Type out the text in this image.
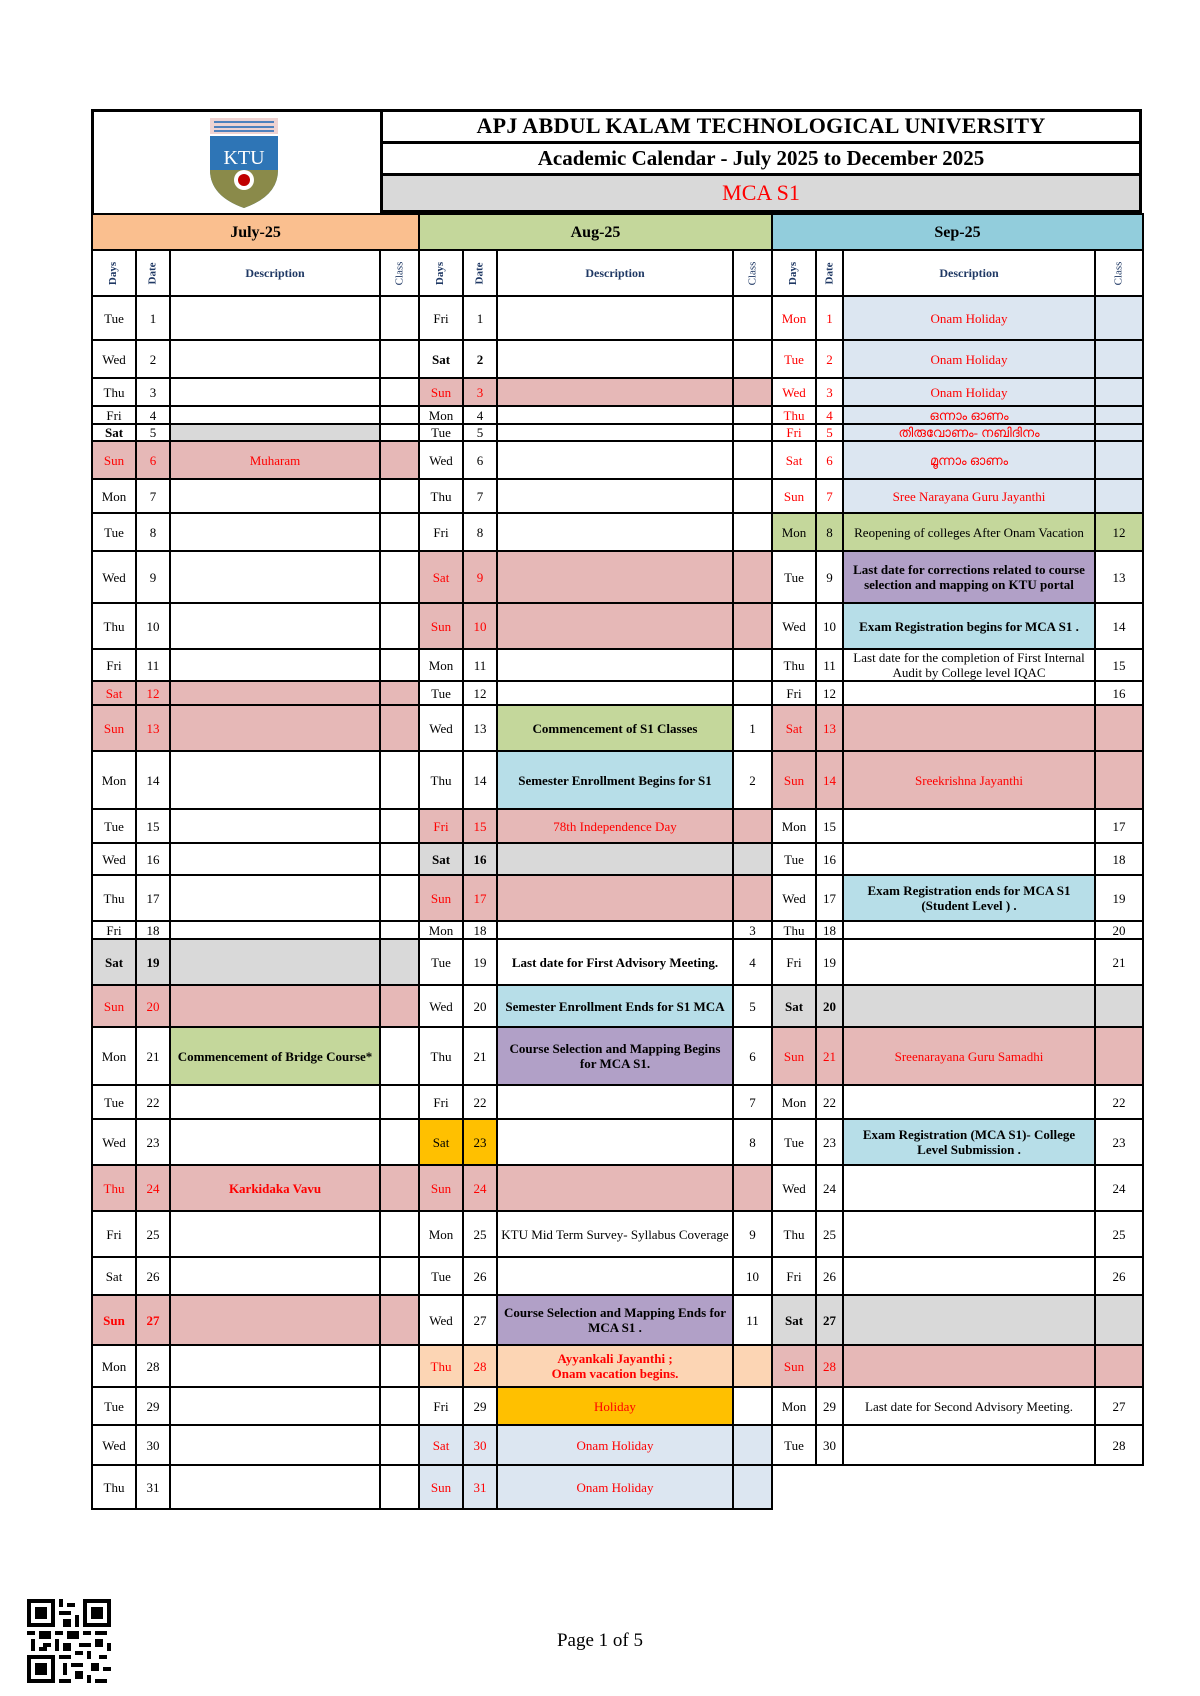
KTU
APJ ABDUL KALAM TECHNOLOGICAL UNIVERSITY
Academic Calendar - July 2025 to December 2025
MCA S1
July-25			
Days	Date	Description	Class
Tue	1		
Wed	2		
Thu	3		
Fri	4		
Sat	5		
Sun	6	Muharam	
Mon	7		
Tue	8		
Wed	9		
Thu	10		
Fri	11		
Sat	12		
Sun	13		
Mon	14		
Tue	15		
Wed	16		
Thu	17		
Fri	18		
Sat	19		
Sun	20		
Mon	21	Commencement of Bridge Course*	
Tue	22		
Wed	23		
Thu	24	Karkidaka Vavu	
Fri	25		
Sat	26		
Sun	27		
Mon	28		
Tue	29		
Wed	30		
Thu	31		
Aug-25			
Days	Date	Description	Class
Fri	1		
Sat	2		
Sun	3		
Mon	4		
Tue	5		
Wed	6		
Thu	7		
Fri	8		
Sat	9		
Sun	10		
Mon	11		
Tue	12		
Wed	13	Commencement of S1 Classes	1
Thu	14	Semester Enrollment Begins for S1	2
Fri	15	78th Independence Day	
Sat	16		
Sun	17		
Mon	18		3
Tue	19	Last date for First Advisory Meeting.	4
Wed	20	Semester Enrollment Ends for S1 MCA	5
Thu	21	Course Selection and Mapping Begins for MCA S1.	6
Fri	22		7
Sat	23		8
Sun	24		
Mon	25	KTU Mid Term Survey- Syllabus Coverage	9
Tue	26		10
Wed	27	Course Selection and Mapping Ends for MCA S1 .	11
Thu	28	Ayyankali Jayanthi ;
Onam vacation begins.	
Fri	29	Holiday	
Sat	30	Onam Holiday	
Sun	31	Onam Holiday	
Sep-25			
Days	Date	Description	Class
Mon	1	Onam Holiday	
Tue	2	Onam Holiday	
Wed	3	Onam Holiday	
Thu	4	ഒന്നാം ഓണം	
Fri	5	തിരുവോണം- നബിദിനം	
Sat	6	മൂന്നാം ഓണം	
Sun	7	Sree Narayana Guru Jayanthi	
Mon	8	Reopening of colleges After Onam Vacation	12
Tue	9	Last date for corrections related to course selection and mapping on KTU portal	13
Wed	10	Exam Registration begins for MCA S1 .	14
Thu	11	Last date for the completion of First Internal Audit by College level IQAC	15
Fri	12		16
Sat	13		
Sun	14	Sreekrishna Jayanthi	
Mon	15		17
Tue	16		18
Wed	17	Exam Registration ends for MCA S1 (Student Level ) .	19
Thu	18		20
Fri	19		21
Sat	20		
Sun	21	Sreenarayana Guru Samadhi	
Mon	22		22
Tue	23	Exam Registration (MCA S1)- College Level Submission .	23
Wed	24		24
Thu	25		25
Fri	26		26
Sat	27		
Sun	28		
Mon	29	Last date for Second Advisory Meeting.	27
Tue	30		28
Page 1 of 5
